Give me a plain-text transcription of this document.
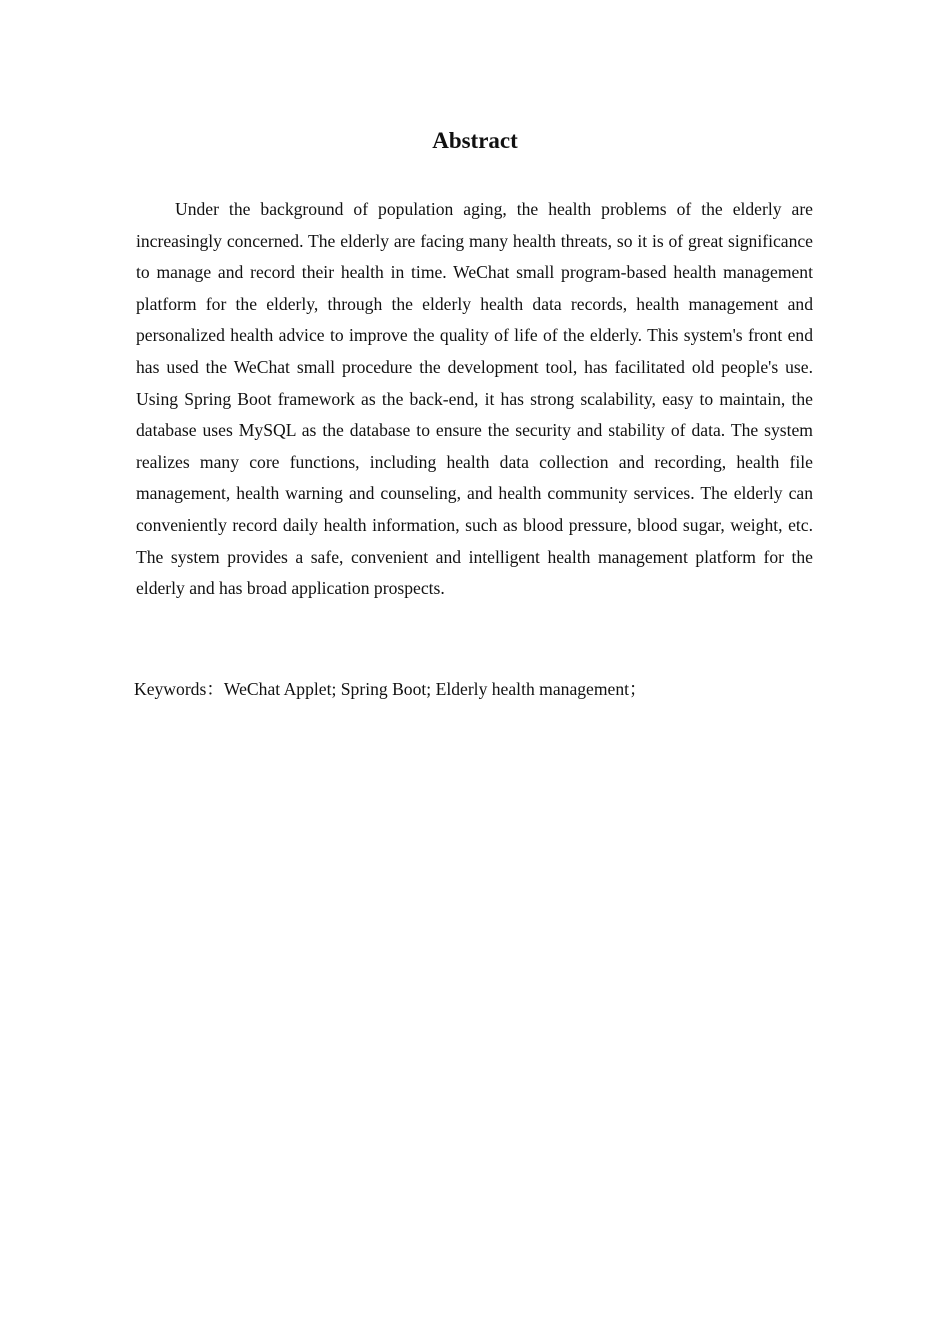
Abstract

Under the background of population aging, the health problems of the elderly are increasingly concerned. The elderly are facing many health threats, so it is of great significance to manage and record their health in time. WeChat small program-based health management platform for the elderly, through the elderly health data records, health management and personalized health advice to improve the quality of life of the elderly. This system's front end has used the WeChat small procedure the development tool, has facilitated old people's use. Using Spring Boot framework as the back-end, it has strong scalability, easy to maintain, the database uses MySQL as the database to ensure the security and stability of data. The system realizes many core functions, including health data collection and recording, health file management, health warning and counseling, and health community services. The elderly can conveniently record daily health information, such as blood pressure, blood sugar, weight, etc. The system provides a safe, convenient and intelligent health management platform for the elderly and has broad application prospects.

Keywords：WeChat Applet; Spring Boot; Elderly health management；
